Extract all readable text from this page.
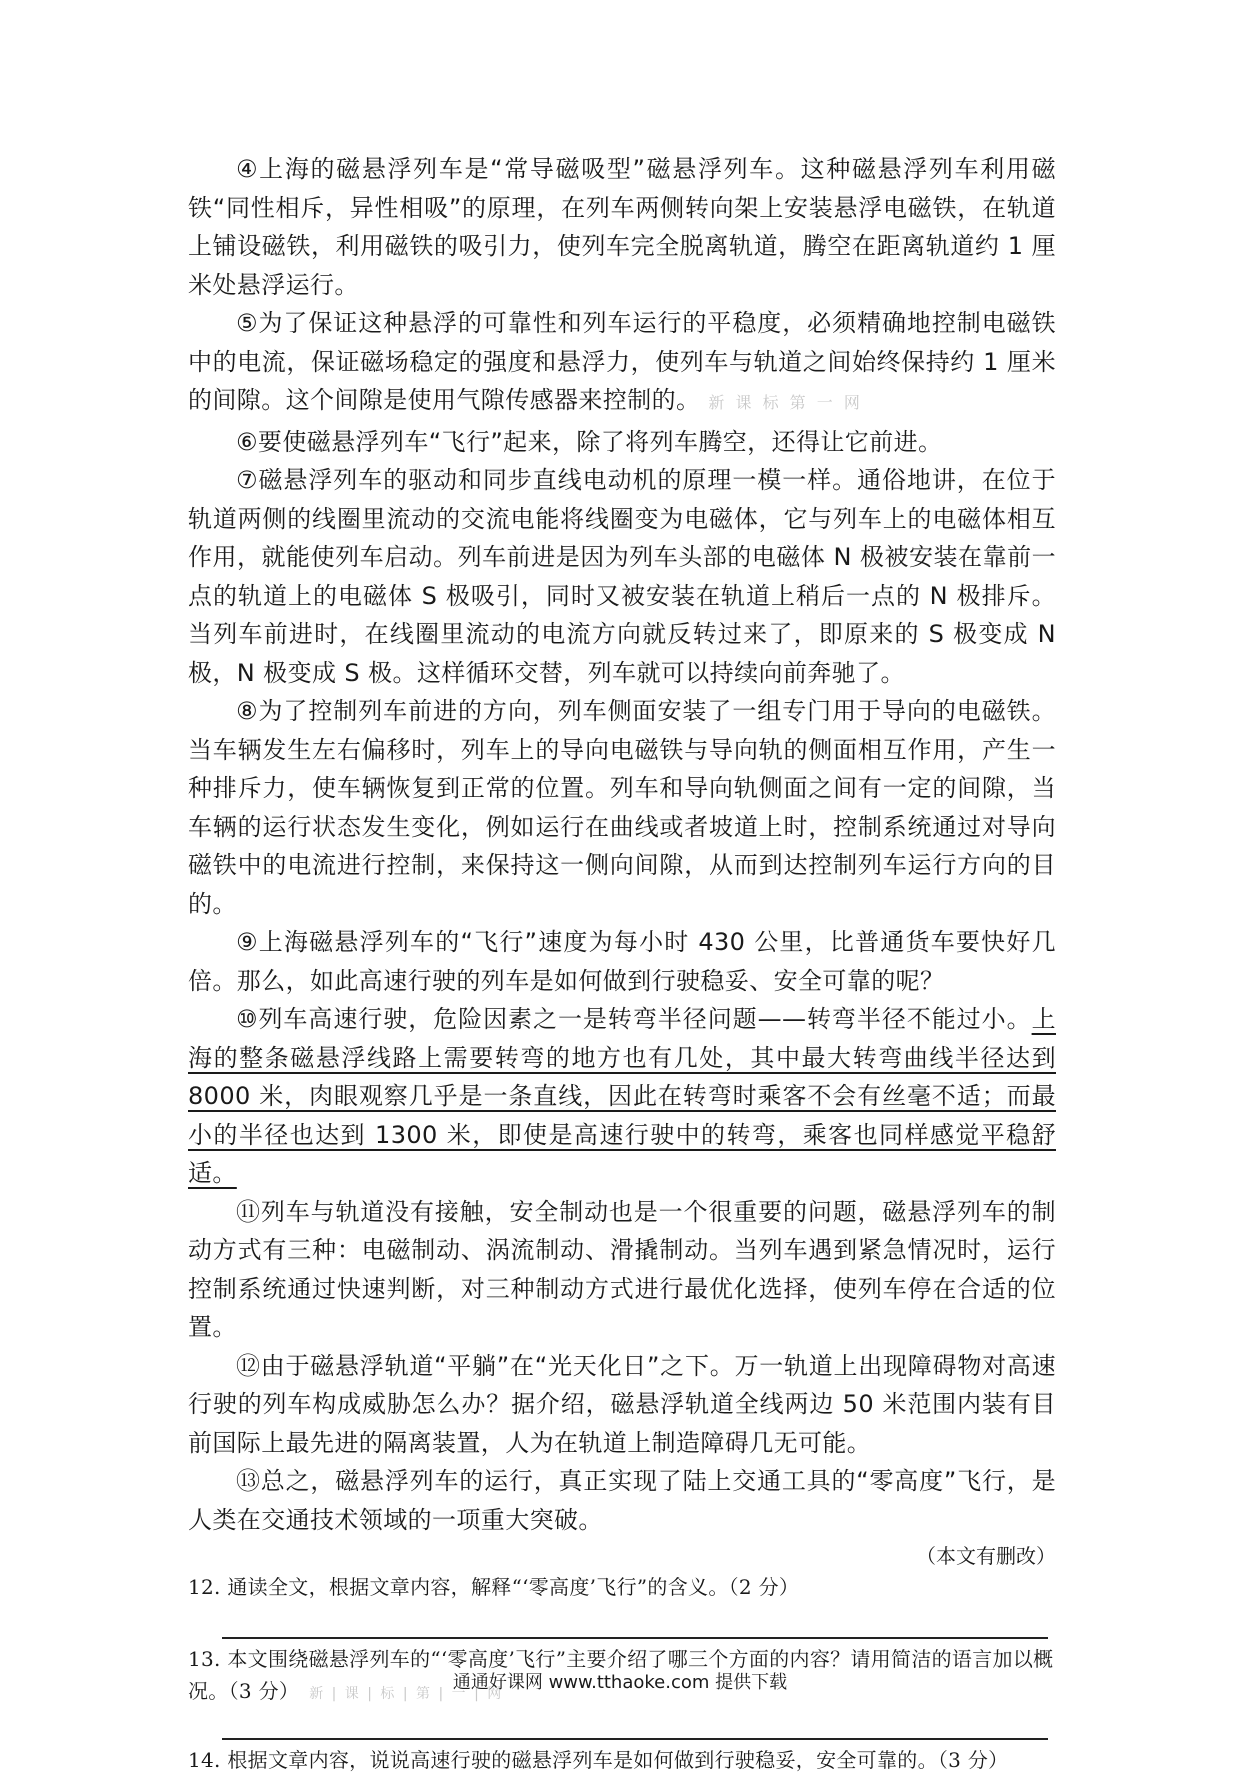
④上海的磁悬浮列车是“常导磁吸型”磁悬浮列车。这种磁悬浮列车利用磁铁“同性相斥，异性相吸”的原理，在列车两侧转向架上安装悬浮电磁铁，在轨道上铺设磁铁，利用磁铁的吸引力，使列车完全脱离轨道，腾空在距离轨道约 1 厘米处悬浮运行。

⑤为了保证这种悬浮的可靠性和列车运行的平稳度，必须精确地控制电磁铁中的电流，保证磁场稳定的强度和悬浮力，使列车与轨道之间始终保持约 1 厘米的间隙。这个间隙是使用气隙传感器来控制的。 新 课 标 第 一 网

⑥要使磁悬浮列车“飞行”起来，除了将列车腾空，还得让它前进。

⑦磁悬浮列车的驱动和同步直线电动机的原理一模一样。通俗地讲，在位于轨道两侧的线圈里流动的交流电能将线圈变为电磁体，它与列车上的电磁体相互作用，就能使列车启动。列车前进是因为列车头部的电磁体 N 极被安装在靠前一点的轨道上的电磁体 S 极吸引，同时又被安装在轨道上稍后一点的 N 极排斥。当列车前进时，在线圈里流动的电流方向就反转过来了，即原来的 S 极变成 N 极，N 极变成 S 极。这样循环交替，列车就可以持续向前奔驰了。

⑧为了控制列车前进的方向，列车侧面安装了一组专门用于导向的电磁铁。当车辆发生左右偏移时，列车上的导向电磁铁与导向轨的侧面相互作用，产生一种排斥力，使车辆恢复到正常的位置。列车和导向轨侧面之间有一定的间隙，当车辆的运行状态发生变化，例如运行在曲线或者坡道上时，控制系统通过对导向磁铁中的电流进行控制，来保持这一侧向间隙，从而到达控制列车运行方向的目的。

⑨上海磁悬浮列车的“飞行”速度为每小时 430 公里，比普通货车要快好几倍。那么，如此高速行驶的列车是如何做到行驶稳妥、安全可靠的呢？

⑩列车高速行驶，危险因素之一是转弯半径问题——转弯半径不能过小。上海的整条磁悬浮线路上需要转弯的地方也有几处，其中最大转弯曲线半径达到 8000 米，肉眼观察几乎是一条直线，因此在转弯时乘客不会有丝毫不适；而最小的半径也达到 1300 米，即使是高速行驶中的转弯，乘客也同样感觉平稳舒适。

⑪列车与轨道没有接触，安全制动也是一个很重要的问题，磁悬浮列车的制动方式有三种：电磁制动、涡流制动、滑撬制动。当列车遇到紧急情况时，运行控制系统通过快速判断，对三种制动方式进行最优化选择，使列车停在合适的位置。

⑫由于磁悬浮轨道“平躺”在“光天化日”之下。万一轨道上出现障碍物对高速行驶的列车构成威胁怎么办？据介绍，磁悬浮轨道全线两边 50 米范围内装有目前国际上最先进的隔离装置，人为在轨道上制造障碍几无可能。

⑬总之，磁悬浮列车的运行，真正实现了陆上交通工具的“零高度”飞行，是人类在交通技术领域的一项重大突破。

（本文有删改）

12. 通读全文，根据文章内容，解释“‘零高度’飞行”的含义。（2 分）

13. 本文围绕磁悬浮列车的“‘零高度’飞行”主要介绍了哪三个方面的内容？请用简洁的语言加以概况。（3 分） 新 | 课 | 标 | 第 | 一 | 网

14. 根据文章内容，说说高速行驶的磁悬浮列车是如何做到行驶稳妥，安全可靠的。（3 分）

通通好课网 www.tthaoke.com 提供下载
